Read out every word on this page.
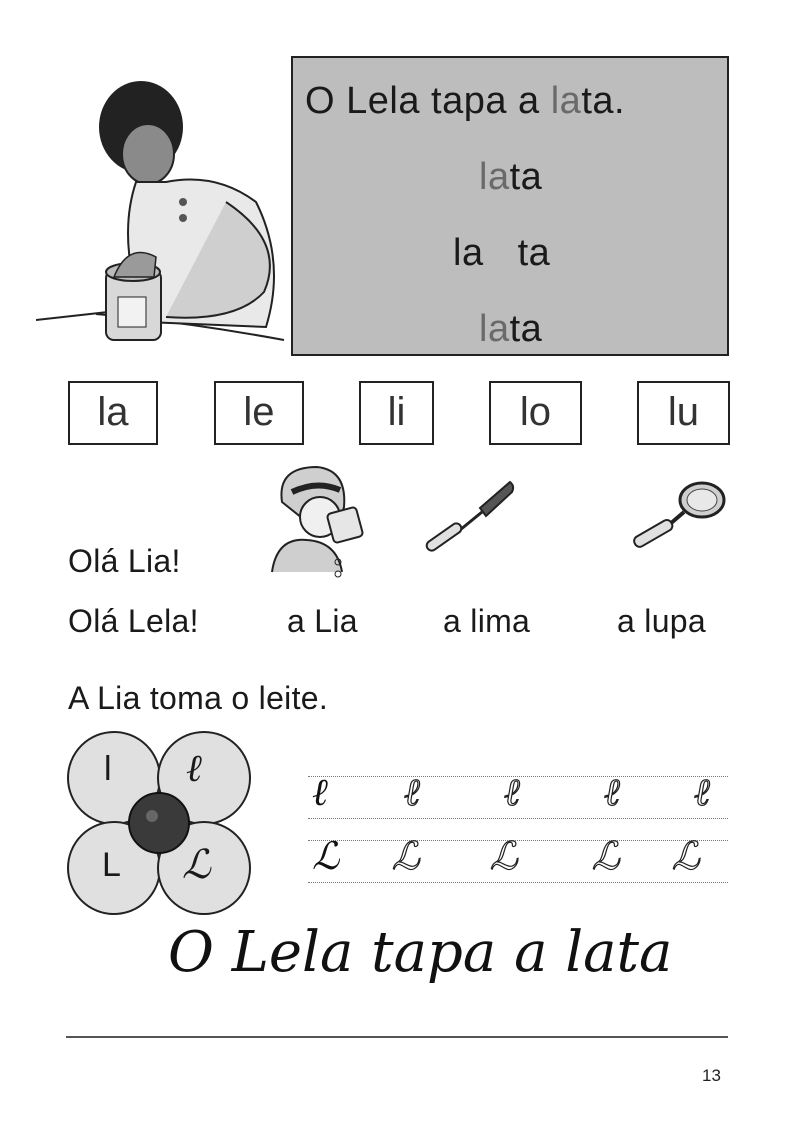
O Lela tapa a lata.
lata
la ta
lata
la	le	li	lo	lu
Olá Lia!
Olá Lela!	a Lia	a lima	a lupa
A Lia toma o leite.
l ℓ
L ℒ
ℓ ℓ ℓ ℓ ℓ
ℒ ℒ ℒ ℒ ℒ
O Lela tapa a lata
13
